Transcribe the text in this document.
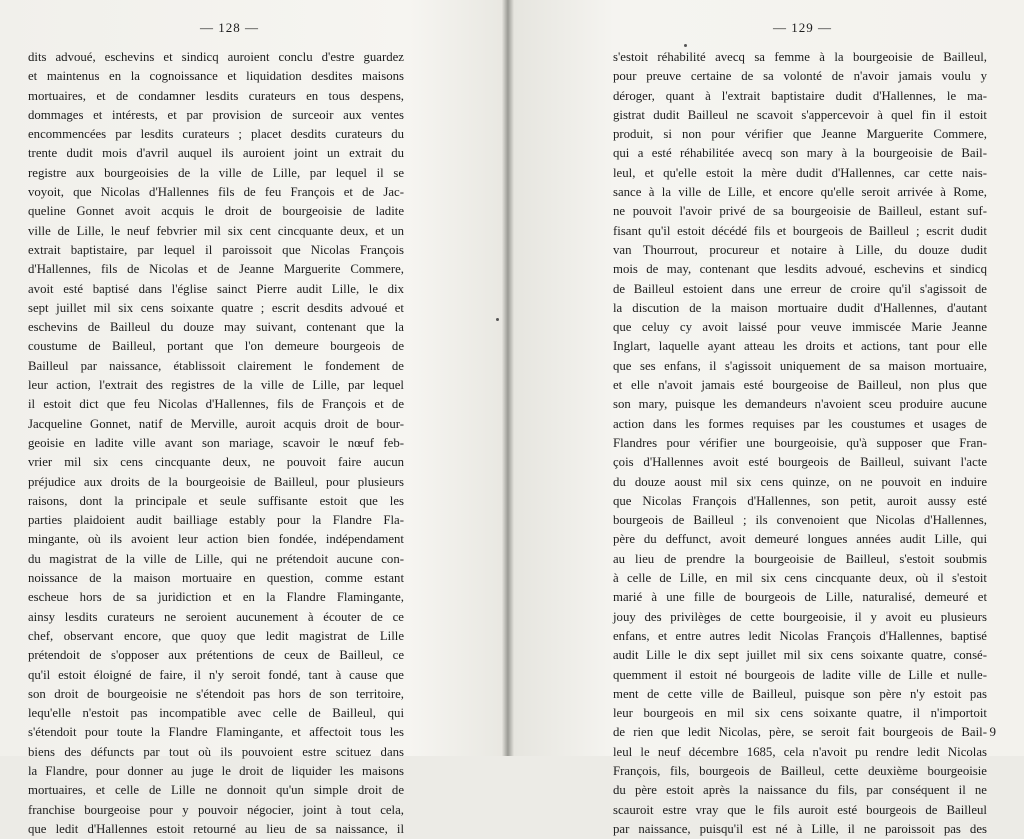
— 128 —
dits advoué, eschevins et sindicq auroient conclu d'estre guardez
et maintenus en la cognoissance et liquidation desdites maisons
mortuaires, et de condamner lesdits curateurs en tous despens,
dommages et intérests, et par provision de surceoir aux ventes
encommencées par lesdits curateurs ; placet desdits curateurs du
trente dudit mois d'avril auquel ils auroient joint un extrait du
registre aux bourgeoisies de la ville de Lille, par lequel il se
voyoit, que Nicolas d'Hallennes fils de feu François et de Jac-
queline Gonnet avoit acquis le droit de bourgeoisie de ladite
ville de Lille, le neuf febvrier mil six cent cincquante deux, et un
extrait baptistaire, par lequel il paroissoit que Nicolas François
d'Hallennes, fils de Nicolas et de Jeanne Marguerite Commere,
avoit esté baptisé dans l'église sainct Pierre audit Lille, le dix
sept juillet mil six cens soixante quatre ; escrit desdits advoué et
eschevins de Bailleul du douze may suivant, contenant que la
coustume de Bailleul, portant que l'on demeure bourgeois de
Bailleul par naissance, établissoit clairement le fondement de
leur action, l'extrait des registres de la ville de Lille, par lequel
il estoit dict que feu Nicolas d'Hallennes, fils de François et de
Jacqueline Gonnet, natif de Merville, auroit acquis droit de bour-
geoisie en ladite ville avant son mariage, scavoir le nœuf feb-
vrier mil six cens cincquante deux, ne pouvoit faire aucun
préjudice aux droits de la bourgeoisie de Bailleul, pour plusieurs
raisons, dont la principale et seule suffisante estoit que les
parties plaidoient audit bailliage estably pour la Flandre Fla-
mingante, où ils avoient leur action bien fondée, indépendament
du magistrat de la ville de Lille, qui ne prétendoit aucune con-
noissance de la maison mortuaire en question, comme estant
escheue hors de sa juridiction et en la Flandre Flamingante,
ainsy lesdits curateurs ne seroient aucunement à écouter de ce
chef, observant encore, que quoy que ledit magistrat de Lille
prétendoit de s'opposer aux prétentions de ceux de Bailleul, ce
qu'il estoit éloigné de faire, il n'y seroit fondé, tant à cause que
son droit de bourgeoisie ne s'étendoit pas hors de son territoire,
lequ'elle n'estoit pas incompatible avec celle de Bailleul, qui
s'étendoit pour toute la Flandre Flamingante, et affectoit tous les
biens des défuncts par tout où ils pouvoient estre scituez dans
la Flandre, pour donner au juge le droit de liquider les maisons
mortuaires, et celle de Lille ne donnoit qu'un simple droit de
franchise bourgeoise pour y pouvoir négocier, joint à tout cela,
que ledit d'Hallennes estoit retourné au lieu de sa naissance, il
— 129 —
s'estoit réhabilité avecq sa femme à la bourgeoisie de Bailleul,
pour preuve certaine de sa volonté de n'avoir jamais voulu y
déroger, quant à l'extrait baptistaire dudit d'Hallennes, le ma-
gistrat dudit Bailleul ne scavoit s'appercevoir à quel fin il estoit
produit, si non pour vérifier que Jeanne Marguerite Commere,
qui a esté réhabilitée avecq son mary à la bourgeoisie de Bail-
leul, et qu'elle estoit la mère dudit d'Hallennes, car cette nais-
sance à la ville de Lille, et encore qu'elle seroit arrivée à Rome,
ne pouvoit l'avoir privé de sa bourgeoisie de Bailleul, estant suf-
fisant qu'il estoit décédé fils et bourgeois de Bailleul ; escrit dudit
van Thourrout, procureur et notaire à Lille, du douze dudit
mois de may, contenant que lesdits advoué, eschevins et sindicq
de Bailleul estoient dans une erreur de croire qu'il s'agissoit de
la discution de la maison mortuaire dudit d'Hallennes, d'autant
que celuy cy avoit laissé pour veuve immiscée Marie Jeanne
Inglart, laquelle ayant atteau les droits et actions, tant pour elle
que ses enfans, il s'agissoit uniquement de sa maison mortuaire,
et elle n'avoit jamais esté bourgeoise de Bailleul, non plus que
son mary, puisque les demandeurs n'avoient sceu produire aucune
action dans les formes requises par les coustumes et usages de
Flandres pour vérifier une bourgeoisie, qu'à supposer que Fran-
çois d'Hallennes avoit esté bourgeois de Bailleul, suivant l'acte
du douze aoust mil six cens quinze, on ne pouvoit en induire
que Nicolas François d'Hallennes, son petit, auroit aussy esté
bourgeois de Bailleul ; ils convenoient que Nicolas d'Hallennes,
père du deffunct, avoit demeuré longues années audit Lille, qui
au lieu de prendre la bourgeoisie de Bailleul, s'estoit soubmis
à celle de Lille, en mil six cens cincquante deux, où il s'estoit
marié à une fille de bourgeois de Lille, naturalisé, demeuré et
jouy des privilèges de cette bourgeoisie, il y avoit eu plusieurs
enfans, et entre autres ledit Nicolas François d'Hallennes, baptisé
audit Lille le dix sept juillet mil six cens soixante quatre, consé-
quemment il estoit né bourgeois de ladite ville de Lille et nulle-
ment de cette ville de Bailleul, puisque son père n'y estoit pas
leur bourgeois en mil six cens soixante quatre, il n'importoit
de rien que ledit Nicolas, père, se seroit fait bourgeois de Bail-
leul le neuf décembre 1685, cela n'avoit pu rendre ledit Nicolas
François, fils, bourgeois de Bailleul, cette deuxième bourgeoisie
du père estoit après la naissance du fils, par conséquent il ne
scauroit estre vray que le fils auroit esté bourgeois de Bailleul
par naissance, puisqu'il est né à Lille, il ne paroissoit pas des
9
